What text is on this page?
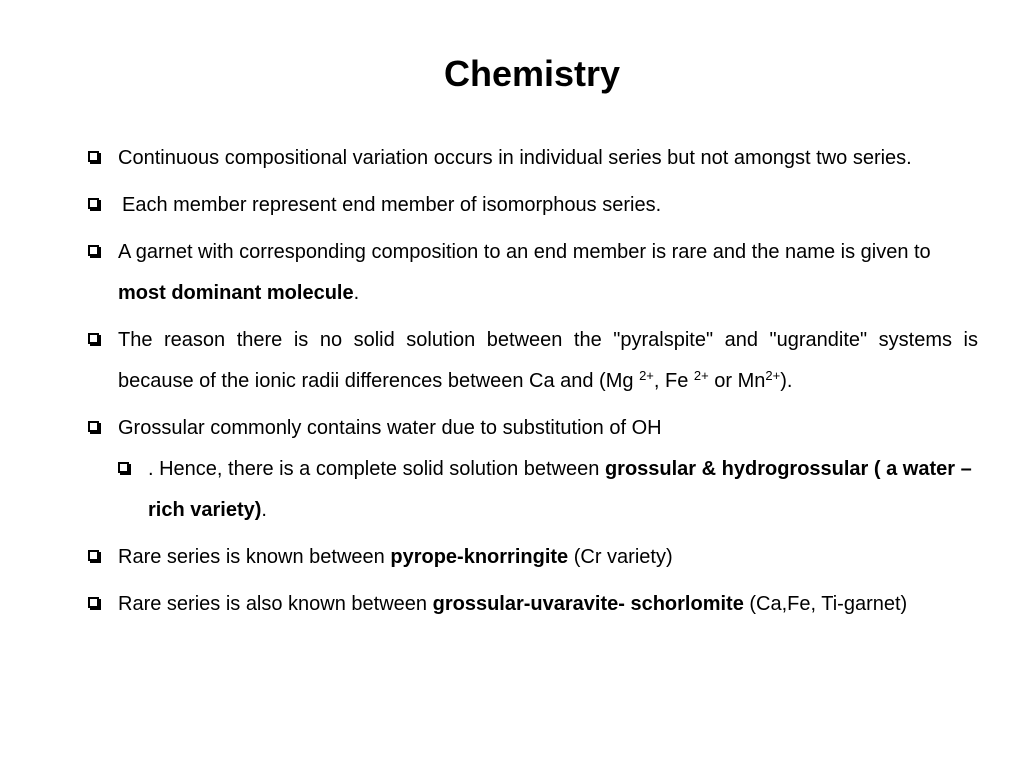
Chemistry
Continuous compositional variation occurs in individual series but not amongst two series.
Each member represent end member of isomorphous series.
A garnet with corresponding composition to an end member is rare and the name is given to most dominant molecule.
The reason there is no solid solution between the "pyralspite" and "ugrandite" systems is because of the ionic radii differences between Ca and (Mg $^{2+}$, Fe $^{2+}$ or $Mn^{2+}$).
Grossular commonly contains water due to substitution of OH
. Hence, there is a complete solid solution between grossular & hydrogrossular ( a water –rich variety).
Rare series is known between pyrope-knorringite (Cr variety)
Rare series is also known between grossular-uvaravite- schorlomite (Ca,Fe, Ti-garnet)
